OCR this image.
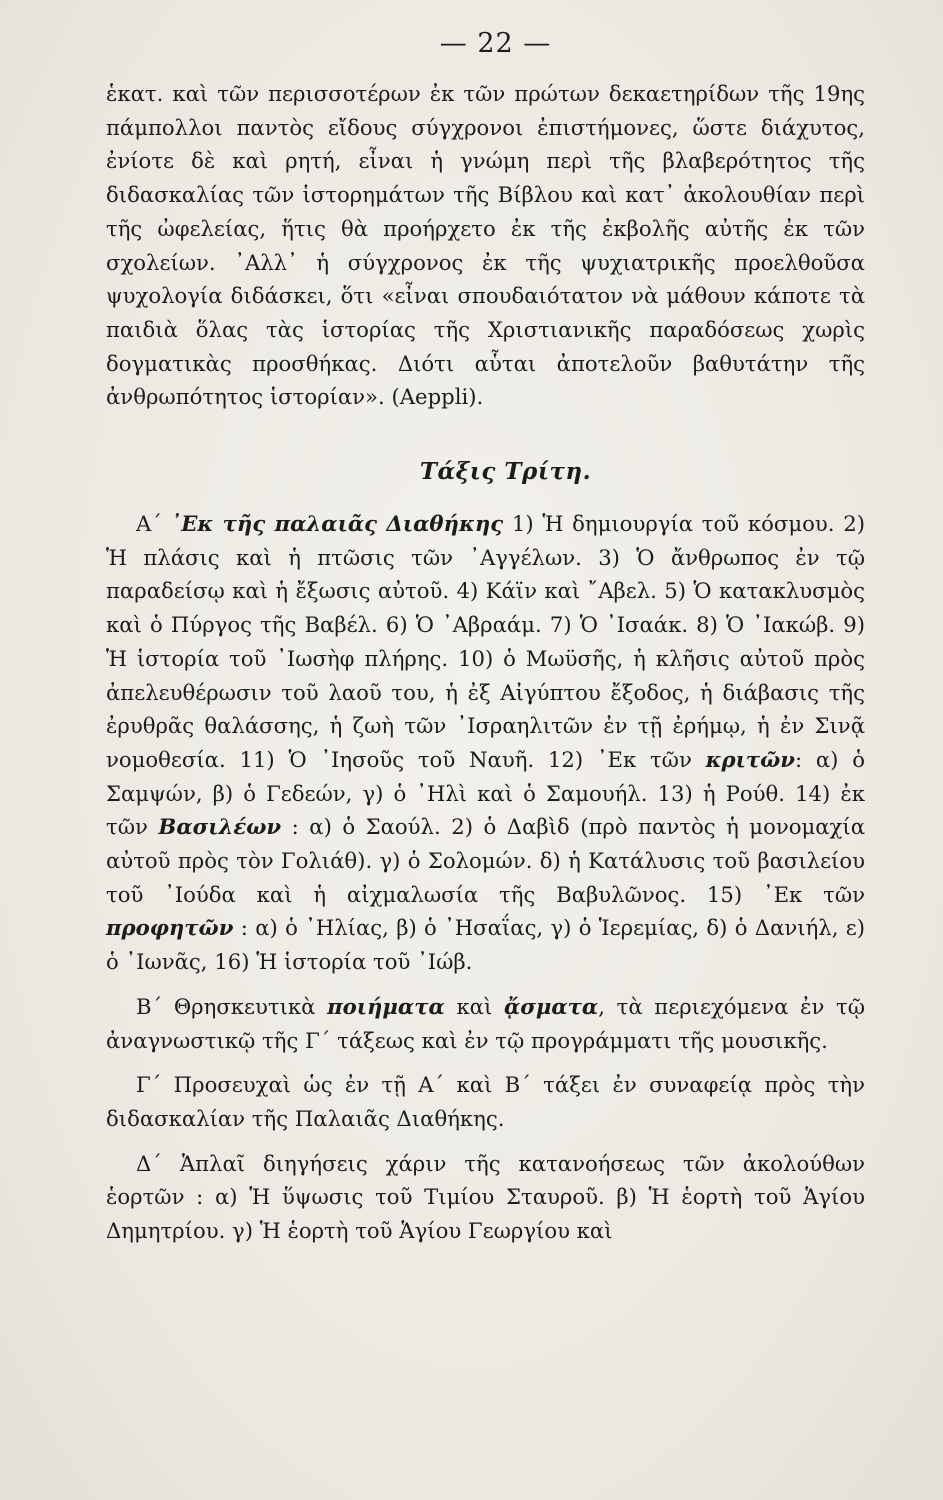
— 22 —

ἑκατ. καὶ τῶν περισσοτέρων ἐκ τῶν πρώτων δεκαετηρίδων τῆς 19ης πάμπολλοι παντὸς εἴδους σύγχρονοι ἐπιστήμονες, ὥστε διάχυτος, ἐνίοτε δὲ καὶ ρητή, εἶναι ἡ γνώμη περὶ τῆς βλαβερότητος τῆς διδασκαλίας τῶν ἱστορημάτων τῆς Βίβλου καὶ κατ᾽ ἀκολουθίαν περὶ τῆς ὠφελείας, ἥτις θὰ προήρχετο ἐκ τῆς ἐκβολῆς αὐτῆς ἐκ τῶν σχολείων. ᾿Αλλ᾽ ἡ σύγχρονος ἐκ τῆς ψυχιατρικῆς προελθοῦσα ψυχολογία διδάσκει, ὅτι «εἶναι σπουδαιότατον νὰ μάθουν κάποτε τὰ παιδιὰ ὅλας τὰς ἱστορίας τῆς Χριστιανικῆς παραδόσεως χωρὶς δογματικὰς προσθήκας. Διότι αὗται ἀποτελοῦν βαθυτάτην τῆς ἀνθρωπότητος ἱστορίαν». (Aeppli).

Τάξις Τρίτη.

Α´ ᾿Εκ τῆς παλαιᾶς Διαθήκης 1) Ἡ δημιουργία τοῦ κόσμου. 2) Ἡ πλάσις καὶ ἡ πτῶσις τῶν ᾿Αγγέλων. 3) Ὁ ἄνθρωπος ἐν τῷ παραδείσῳ καὶ ἡ ἔξωσις αὐτοῦ. 4) Κάϊν καὶ ῎Αβελ. 5) Ὁ κατακλυσμὸς καὶ ὁ Πύργος τῆς Βαβέλ. 6) Ὁ ᾿Αβραάμ. 7) Ὁ ᾿Ισαάκ. 8) Ὁ ᾿Ιακώβ. 9) Ἡ ἱστορία τοῦ ᾿Ιωσὴφ πλήρης. 10) ὁ Μωϋσῆς, ἡ κλῆσις αὐτοῦ πρὸς ἀπελευθέρωσιν τοῦ λαοῦ του, ἡ ἐξ Αἰγύπτου ἔξοδος, ἡ διάβασις τῆς ἐρυθρᾶς θαλάσσης, ἡ ζωὴ τῶν ᾿Ισραηλιτῶν ἐν τῇ ἐρήμῳ, ἡ ἐν Σινᾷ νομοθεσία. 11) Ὁ ᾿Ιησοῦς τοῦ Ναυῆ. 12) ᾿Εκ τῶν κριτῶν: α) ὁ Σαμψών, β) ὁ Γεδεών, γ) ὁ ᾿Ηλὶ καὶ ὁ Σαμουήλ. 13) ἡ Ρούθ. 14) ἐκ τῶν Βασιλέων : α) ὁ Σαούλ. 2) ὁ Δαβὶδ (πρὸ παντὸς ἡ μονομαχία αὐτοῦ πρὸς τὸν Γολιάθ). γ) ὁ Σολομών. δ) ἡ Κατάλυσις τοῦ βασιλείου τοῦ ᾿Ιούδα καὶ ἡ αἰχμαλωσία τῆς Βαβυλῶνος. 15) ᾿Εκ τῶν προφητῶν : α) ὁ ᾿Ηλίας, β) ὁ ᾿Ησαΐας, γ) ὁ Ἱερεμίας, δ) ὁ Δανιήλ, ε) ὁ ᾿Ιωνᾶς, 16) Ἡ ἱστορία τοῦ ᾿Ιώβ.

Β´ Θρησκευτικὰ ποιήματα καὶ ᾄσματα, τὰ περιεχόμενα ἐν τῷ ἀναγνωστικῷ τῆς Γ´ τάξεως καὶ ἐν τῷ προγράμματι τῆς μουσικῆς.

Γ´ Προσευχαὶ ὡς ἐν τῇ Α´ καὶ Β´ τάξει ἐν συναφείᾳ πρὸς τὴν διδασκαλίαν τῆς Παλαιᾶς Διαθήκης.

Δ´ Ἁπλαῖ διηγήσεις χάριν τῆς κατανοήσεως τῶν ἀκολούθων ἑορτῶν : α) Ἡ ὕψωσις τοῦ Τιμίου Σταυροῦ. β) Ἡ ἑορτὴ τοῦ Ἁγίου Δημητρίου. γ) Ἡ ἑορτὴ τοῦ Ἁγίου Γεωργίου καὶ
